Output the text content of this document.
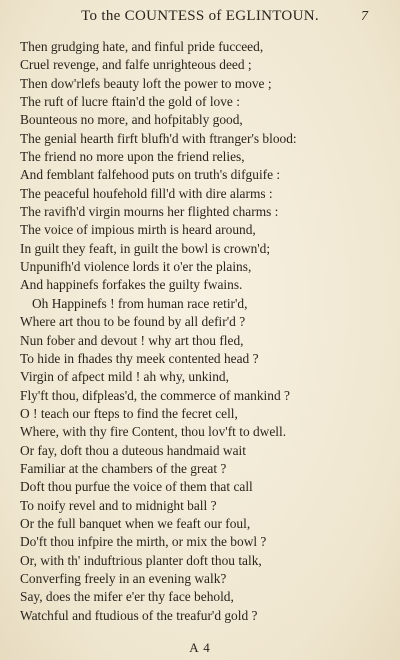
To the COUNTESS of EGLINTOUN.	7
Then grudging hate, and finful pride fucceed,
Cruel revenge, and falfe unrighteous deed ;
Then dow'rlefs beauty loft the power to move ;
The ruft of lucre ftain'd the gold of love :
Bounteous no more, and hofpitably good,
The genial hearth firft blufh'd with ftranger's blood:
The friend no more upon the friend relies,
And femblant falfehood puts on truth's difguife :
The peaceful houfehold fill'd with dire alarms :
The ravifh'd virgin mourns her flighted charms :
The voice of impious mirth is heard around,
In guilt they feaft, in guilt the bowl is crown'd;
Unpunifh'd violence lords it o'er the plains,
And happinefs forfakes the guilty fwains.
Oh Happinefs ! from human race retir'd,
Where art thou to be found by all defir'd ?
Nun fober and devout ! why art thou fled,
To hide in fhades thy meek contented head ?
Virgin of afpect mild ! ah why, unkind,
Fly'ft thou, difpleas'd, the commerce of mankind ?
O ! teach our fteps to find the fecret cell,
Where, with thy fire Content, thou lov'ft to dwell.
Or fay, doft thou a duteous handmaid wait
Familiar at the chambers of the great ?
Doft thou purfue the voice of them that call
To noify revel and to midnight ball ?
Or the full banquet when we feaft our foul,
Do'ft thou infpire the mirth, or mix the bowl ?
Or, with th' induftrious planter doft thou talk,
Converfing freely in an evening walk?
Say, does the mifer e'er thy face behold,
Watchful and ftudious of the treafur'd gold ?
A 4
